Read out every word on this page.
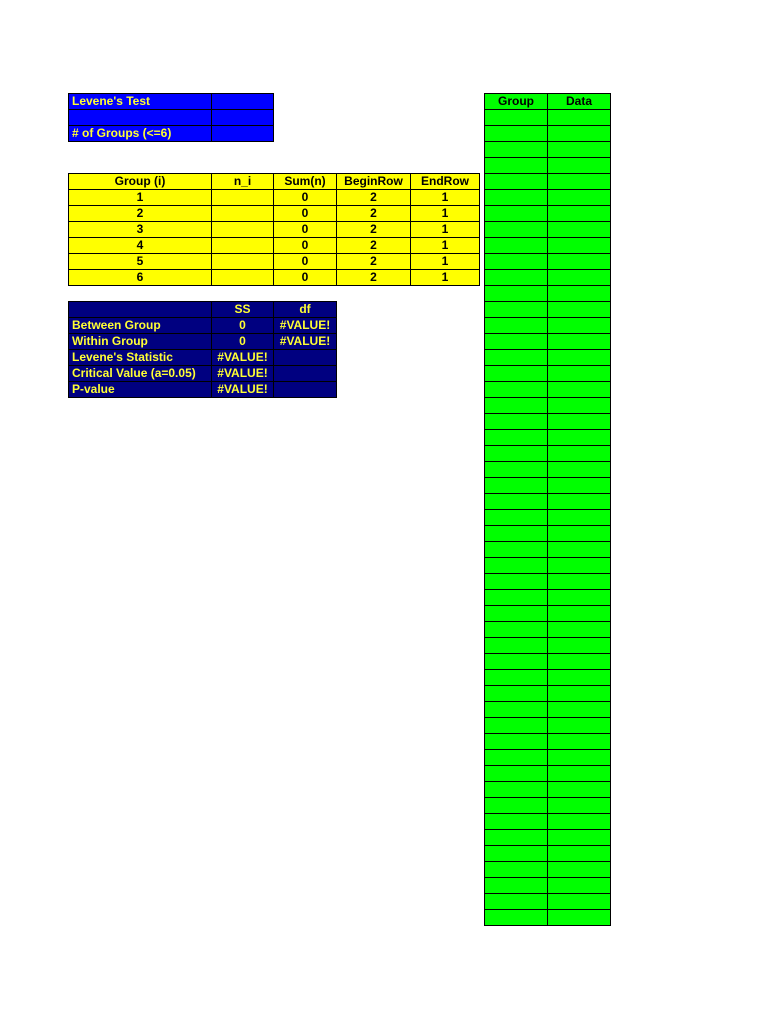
Levene's Test	

# of Groups (<=6)	
Group (i)	n_i	Sum(n)	BeginRow	EndRow
1		0	2	1
2		0	2	1
3		0	2	1
4		0	2	1
5		0	2	1
6		0	2	1
	SS	df
Between Group	0	#VALUE!
Within Group	0	#VALUE!
Levene's Statistic	#VALUE!	
Critical Value (a=0.05)	#VALUE!	
P-value	#VALUE!	
Group	Data
